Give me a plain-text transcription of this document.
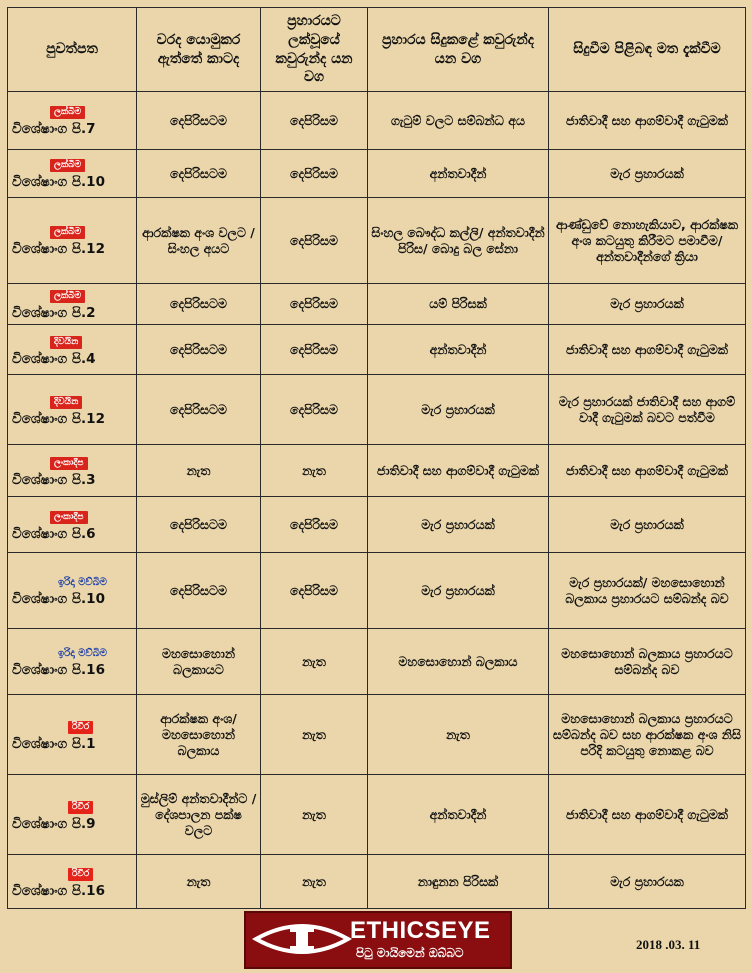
පුවත්පත	වරද යොමුකර ඇත්තේ කාටද	ප්‍රහාරයට ලක්වූයේ කවුරුන්ද යන වග	ප්‍රහාරය සිදුකළේ කවුරුන්ද යන වග	සිදුවීම පිළිබඳ මත දැක්වීම
ලක්බිම
විශේෂාංග පි.7	දෙපිරිසටම	දෙපිරිසම	ගැටුම් වලට සම්බන්ධ අය	ජාතිවාදී සහ ආගම්වාදී ගැටුමක්
ලක්බිම
විශේෂාංග පි.10	දෙපිරිසටම	දෙපිරිසම	අන්තවාදීන්	මැර ප්‍රහාරයක්
ලක්බිම
විශේෂාංග පි.12	ආරක්ෂක අංශ වලට /සිංහල අයට	දෙපිරිසම	සිංහල බෞද්ධ කල්ලි/ අන්තවාදීන් පිරිස/ බොදු බල සේනා	ආණ්ඩුවේ නොහැකියාව, ආරක්ෂක අංශ කටයුතු කිරීමට පමාවීම/ අන්තවාදීන්ගේ ක්‍රියා
ලක්බිම
විශේෂාංග පි.2	දෙපිරිසටම	දෙපිරිසම	යම් පිරිසක්	මැර ප්‍රහාරයක්
දිවයින
විශේෂාංග පි.4	දෙපිරිසටම	දෙපිරිසම	අන්තවාදීන්	ජාතිවාදී සහ ආගම්වාදී ගැටුමක්
දිවයින
විශේෂාංග පි.12	දෙපිරිසටම	දෙපිරිසම	මැර ප්‍රහාරයක්	මැර ප්‍රහාරයක් ජාතිවාදී සහ ආගම් වාදී ගැටුමක් බවට පත්වීම
ලංකාදීප
විශේෂාංග පි.3	නැත	නැත	ජාතිවාදී සහ ආගම්වාදී ගැටුමක්	ජාතිවාදී සහ ආගම්වාදී ගැටුමක්
ලංකාදීප
විශේෂාංග පි.6	දෙපිරිසටම	දෙපිරිසම	මැර ප්‍රහාරයක්	මැර ප්‍රහාරයක්
ඉරිදා මව්බිම
විශේෂාංග පි.10	දෙපිරිසටම	දෙපිරිසම	මැර ප්‍රහාරයක්	මැර ප්‍රහාරයක්/ මහසොහොන් බලකාය ප්‍රහාරයට සම්බන්ද බව
ඉරිදා මව්බිම
විශේෂාංග පි.16	මහසොහොන් බලකායට	නැත	මහසොහොන් බලකාය	මහසොහොන් බලකාය ප්‍රහාරයට සම්බන්ද බව
රිවිර
විශේෂාංග පි.1	ආරක්ෂක අංශ/ මහසොහොන් බලකාය	නැත	නැත	මහසොහොන් බලකාය ප්‍රහාරයට සම්බන්ද බව සහ ආරක්ෂක අංශ නිසි පරිදි කටයුතු නොකළ බව
රිවිර
විශේෂාංග පි.9	මුස්ලිම් අන්තවාදීන්ට /දේශපාලන පක්ෂ වලට	නැත	අන්තවාදීන්	ජාතිවාදී සහ ආගම්වාදී ගැටුමක්
රිවිර
විශේෂාංග පි.16	නැත	නැත	නාඳුනන පිරිසක්	මැර ප්‍රහාරයක
ETHICSEYE
පිටු මායිමෙන් ඔබ්බට
2018 .03. 11
